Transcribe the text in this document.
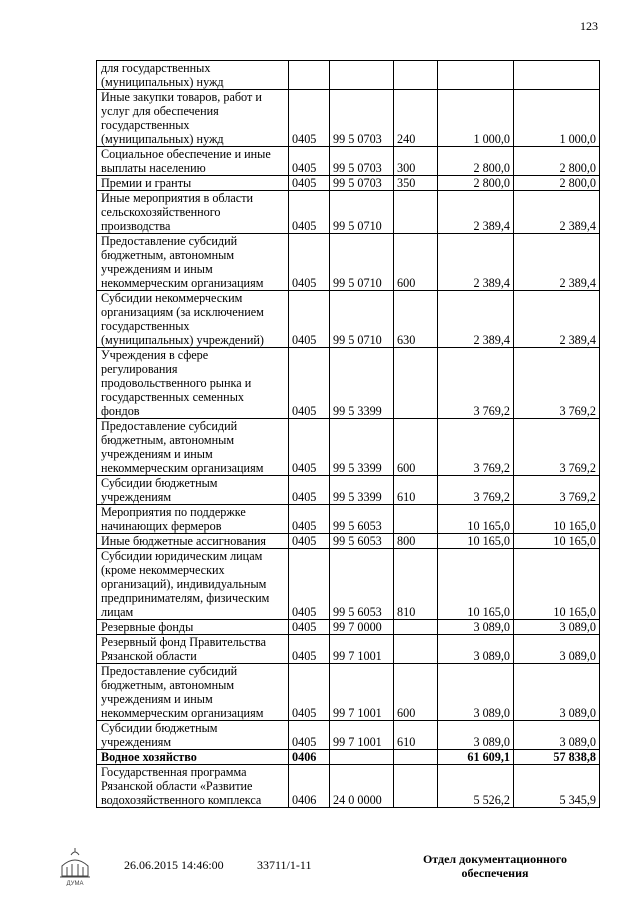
123
для государственных (муниципальных) нужд					
Иные закупки товаров, работ и услуг для обеспечения государственных (муниципальных) нужд	0405	99 5 0703	240	1 000,0	1 000,0
Социальное обеспечение и иные выплаты населению	0405	99 5 0703	300	2 800,0	2 800,0
Премии и гранты	0405	99 5 0703	350	2 800,0	2 800,0
Иные мероприятия в области сельскохозяйственного производства	0405	99 5 0710		2 389,4	2 389,4
Предоставление субсидий бюджетным, автономным учреждениям и иным некоммерческим организациям	0405	99 5 0710	600	2 389,4	2 389,4
Субсидии некоммерческим организациям (за исключением государственных (муниципальных) учреждений)	0405	99 5 0710	630	2 389,4	2 389,4
Учреждения в сфере регулирования продовольственного рынка и государственных семенных фондов	0405	99 5 3399		3 769,2	3 769,2
Предоставление субсидий бюджетным, автономным учреждениям и иным некоммерческим организациям	0405	99 5 3399	600	3 769,2	3 769,2
Субсидии бюджетным учреждениям	0405	99 5 3399	610	3 769,2	3 769,2
Мероприятия по поддержке начинающих фермеров	0405	99 5 6053		10 165,0	10 165,0
Иные бюджетные ассигнования	0405	99 5 6053	800	10 165,0	10 165,0
Субсидии юридическим лицам (кроме некоммерческих организаций), индивидуальным предпринимателям, физическим лицам	0405	99 5 6053	810	10 165,0	10 165,0
Резервные фонды	0405	99 7 0000		3 089,0	3 089,0
Резервный фонд Правительства Рязанской области	0405	99 7 1001		3 089,0	3 089,0
Предоставление субсидий бюджетным, автономным учреждениям и иным некоммерческим организациям	0405	99 7 1001	600	3 089,0	3 089,0
Субсидии бюджетным учреждениям	0405	99 7 1001	610	3 089,0	3 089,0
Водное хозяйство	0406			61 609,1	57 838,8
Государственная программа Рязанской области «Развитие водохозяйственного комплекса	0406	24 0 0000		5 526,2	5 345,9
ДУМА
26.06.2015 14:46:00	33711/1-11	Отдел документационного обеспечения
